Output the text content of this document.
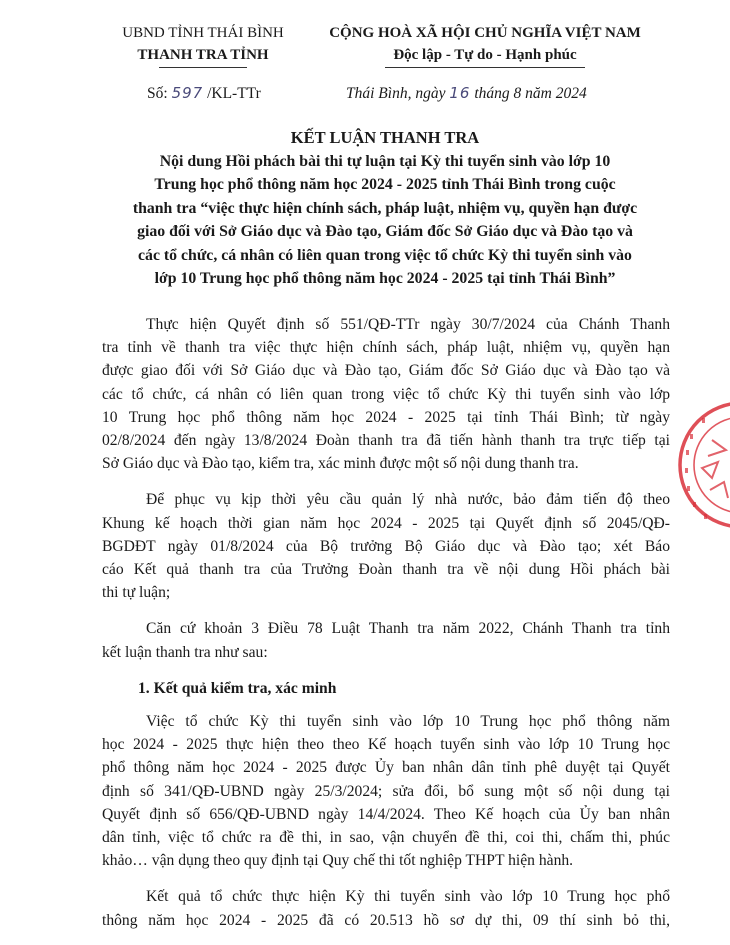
UBND TỈNH THÁI BÌNH
THANH TRA TỈNH
CỘNG HOÀ XÃ HỘI CHỦ NGHĨA VIỆT NAM
Độc lập - Tự do - Hạnh phúc
Số: 597 /KL-TTr	Thái Bình, ngày 16 tháng 8 năm 2024
KẾT LUẬN THANH TRA
Nội dung Hồi phách bài thi tự luận tại Kỳ thi tuyển sinh vào lớp 10
Trung học phổ thông năm học 2024 - 2025 tỉnh Thái Bình trong cuộc
thanh tra “việc thực hiện chính sách, pháp luật, nhiệm vụ, quyền hạn được
giao đối với Sở Giáo dục và Đào tạo, Giám đốc Sở Giáo dục và Đào tạo và
các tổ chức, cá nhân có liên quan trong việc tổ chức Kỳ thi tuyển sinh vào
lớp 10 Trung học phổ thông năm học 2024 - 2025 tại tỉnh Thái Bình”
Thực hiện Quyết định số 551/QĐ-TTr ngày 30/7/2024 của Chánh Thanh
tra tỉnh về thanh tra việc thực hiện chính sách, pháp luật, nhiệm vụ, quyền hạn
được giao đối với Sở Giáo dục và Đào tạo, Giám đốc Sở Giáo dục và Đào tạo và
các tổ chức, cá nhân có liên quan trong việc tổ chức Kỳ thi tuyển sinh vào lớp
10 Trung học phổ thông năm học 2024 - 2025 tại tỉnh Thái Bình; từ ngày
02/8/2024 đến ngày 13/8/2024 Đoàn thanh tra đã tiến hành thanh tra trực tiếp tại
Sở Giáo dục và Đào tạo, kiểm tra, xác minh được một số nội dung thanh tra.
Để phục vụ kịp thời yêu cầu quản lý nhà nước, bảo đảm tiến độ theo
Khung kế hoạch thời gian năm học 2024 - 2025 tại Quyết định số 2045/QĐ-
BGDĐT ngày 01/8/2024 của Bộ trưởng Bộ Giáo dục và Đào tạo; xét Báo
cáo Kết quả thanh tra của Trưởng Đoàn thanh tra về nội dung Hồi phách bài
thi tự luận;
Căn cứ khoản 3 Điều 78 Luật Thanh tra năm 2022, Chánh Thanh tra tỉnh
kết luận thanh tra như sau:
1. Kết quả kiểm tra, xác minh
Việc tổ chức Kỳ thi tuyển sinh vào lớp 10 Trung học phổ thông năm
học 2024 - 2025 thực hiện theo theo Kế hoạch tuyển sinh vào lớp 10 Trung học
phổ thông năm học 2024 - 2025 được Ủy ban nhân dân tỉnh phê duyệt tại Quyết
định số 341/QĐ-UBND ngày 25/3/2024; sửa đổi, bổ sung một số nội dung tại
Quyết định số 656/QĐ-UBND ngày 14/4/2024. Theo Kế hoạch của Ủy ban nhân
dân tỉnh, việc tổ chức ra đề thi, in sao, vận chuyển đề thi, coi thi, chấm thi, phúc
khảo… vận dụng theo quy định tại Quy chế thi tốt nghiệp THPT hiện hành.
Kết quả tổ chức thực hiện Kỳ thi tuyển sinh vào lớp 10 Trung học phổ
thông năm học 2024 - 2025 đã có 20.513 hồ sơ dự thi, 09 thí sinh bỏ thi,
